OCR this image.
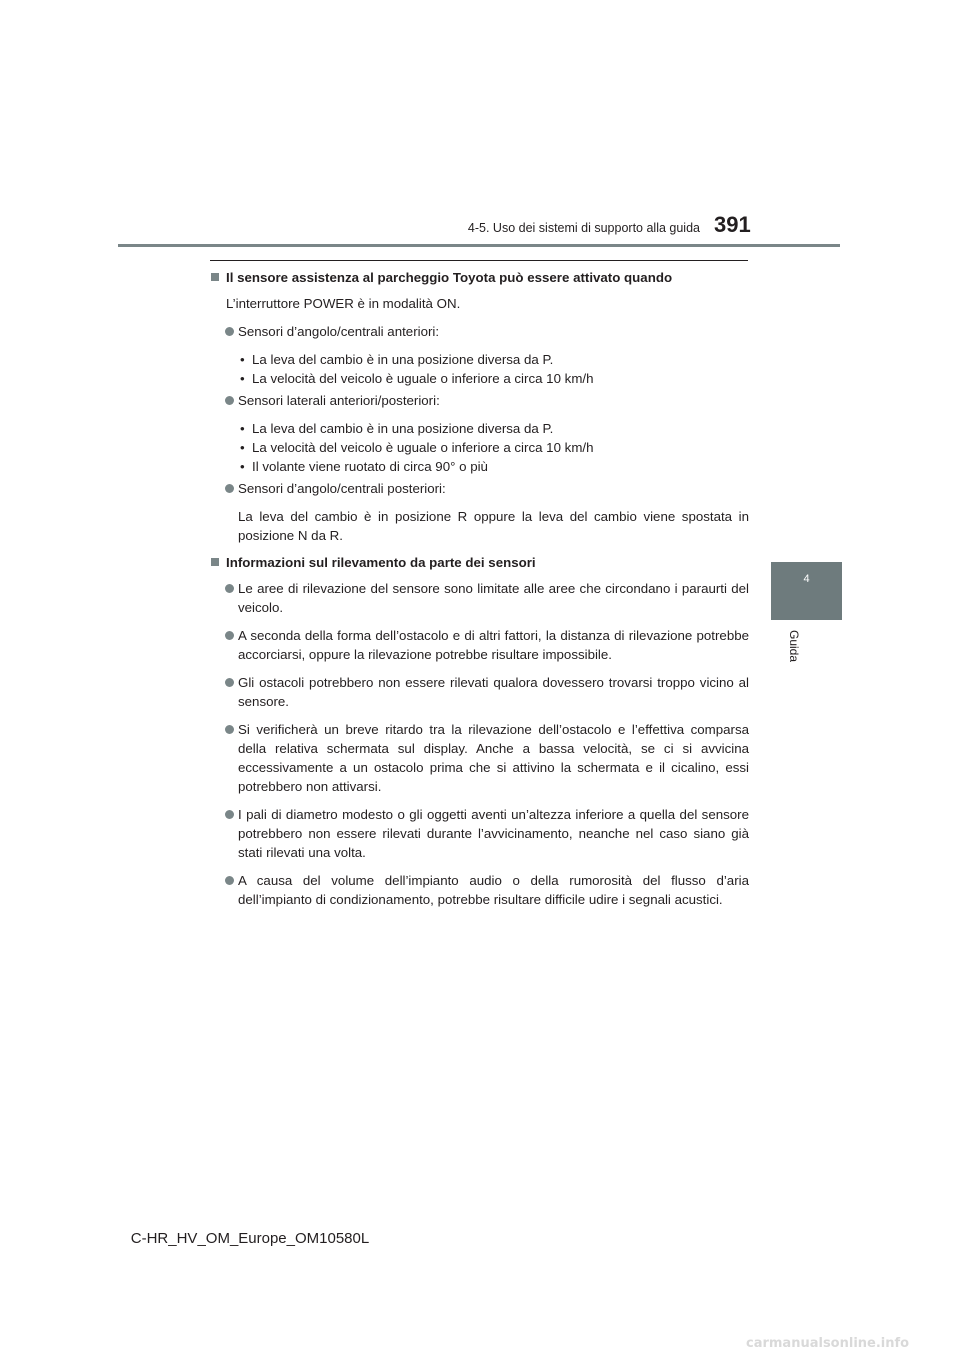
4-5. Uso dei sistemi di supporto alla guida 391
4
Guida
Il sensore assistenza al parcheggio Toyota può essere attivato quando

L’interruttore POWER è in modalità ON.

Sensori d’angolo/centrali anteriori:
• La leva del cambio è in una posizione diversa da P.
• La velocità del veicolo è uguale o inferiore a circa 10 km/h
Sensori laterali anteriori/posteriori:
• La leva del cambio è in una posizione diversa da P.
• La velocità del veicolo è uguale o inferiore a circa 10 km/h
• Il volante viene ruotato di circa 90° o più
Sensori d’angolo/centrali posteriori:

La leva del cambio è in posizione R oppure la leva del cambio viene spostata in posizione N da R.

Informazioni sul rilevamento da parte dei sensori
Le aree di rilevazione del sensore sono limitate alle aree che circondano i paraurti del veicolo.
A seconda della forma dell’ostacolo e di altri fattori, la distanza di rilevazione potrebbe accorciarsi, oppure la rilevazione potrebbe risultare impossibile.
Gli ostacoli potrebbero non essere rilevati qualora dovessero trovarsi troppo vicino al sensore.
Si verificherà un breve ritardo tra la rilevazione dell’ostacolo e l’effettiva comparsa della relativa schermata sul display. Anche a bassa velocità, se ci si avvicina eccessivamente a un ostacolo prima che si attivino la schermata e il cicalino, essi potrebbero non attivarsi.
I pali di diametro modesto o gli oggetti aventi un’altezza inferiore a quella del sensore potrebbero non essere rilevati durante l’avvicinamento, neanche nel caso siano già stati rilevati una volta.
A causa del volume dell’impianto audio o della rumorosità del flusso d’aria dell’impianto di condizionamento, potrebbe risultare difficile udire i segnali acustici.
C-HR_HV_OM_Europe_OM10580L
carmanualsonline.info
